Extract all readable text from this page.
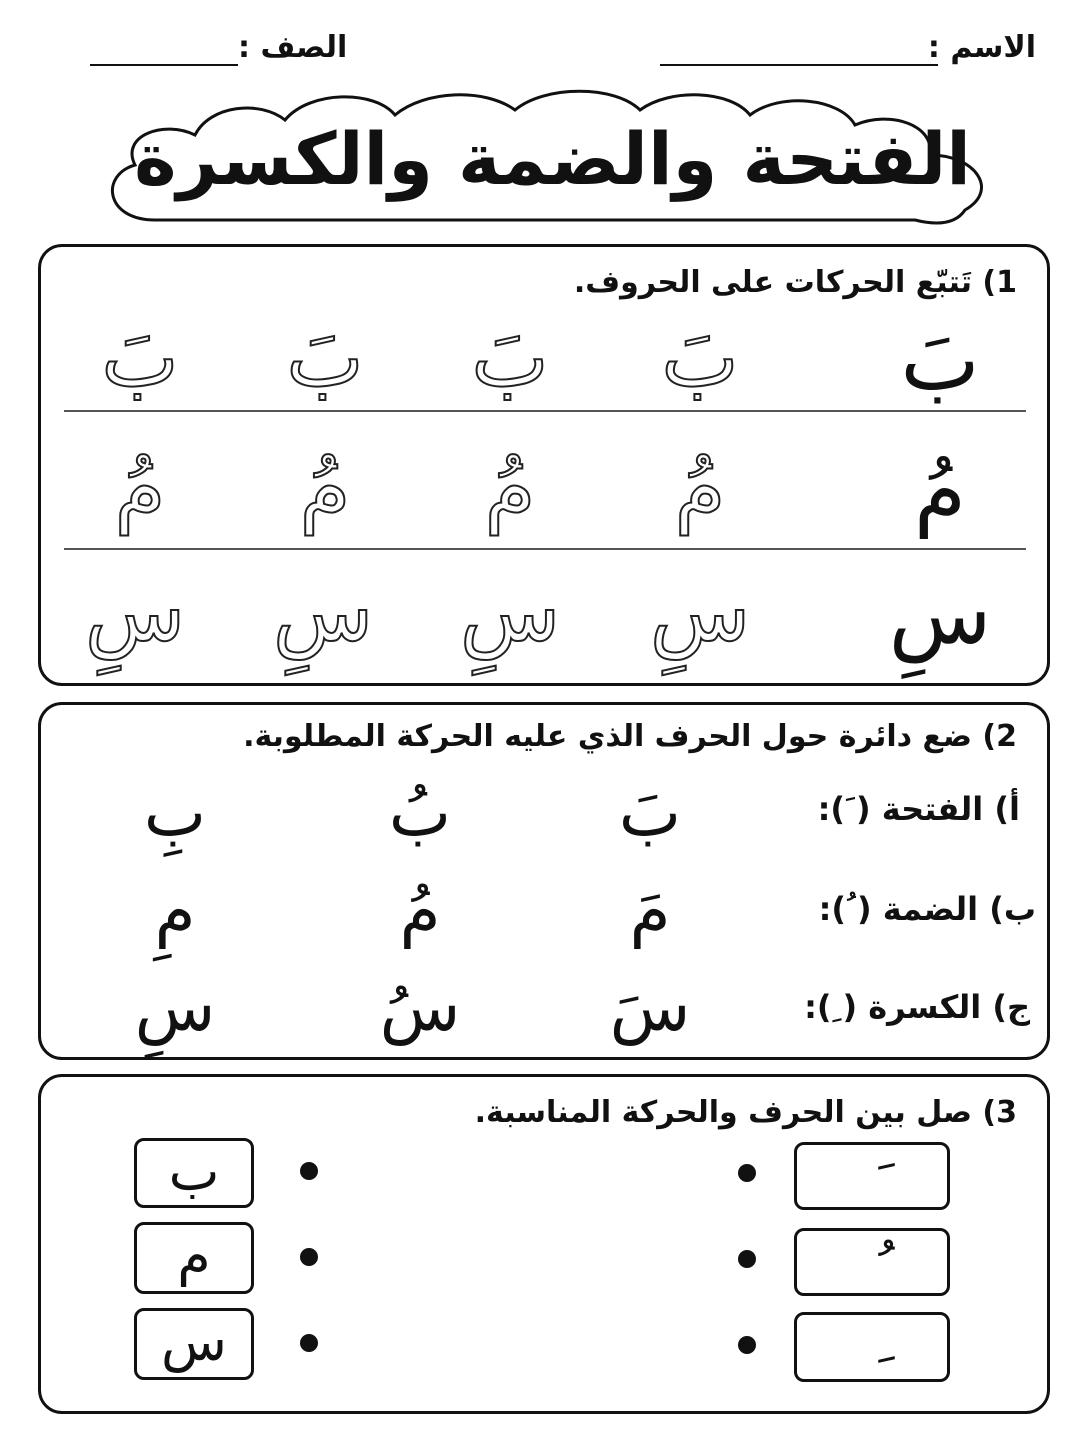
الاسم :
الصف :
الفتحة والضمة والكسرة
1) تَتبّع الحركات على الحروف.
بَ
بَ
بَ
بَ
بَ
مُ
مُ
مُ
مُ
مُ
سِ
سِ
سِ
سِ
سِ
2) ضع دائرة حول الحرف الذي عليه الحركة المطلوبة.
أ) الفتحة ( َ):
بَ
بُ
بِ
ب) الضمة ( ُ):
مَ
مُ
مِ
ج) الكسرة ( ِ):
سَ
سُ
سِ
3) صل بين الحرف والحركة المناسبة.
ب
م
س
